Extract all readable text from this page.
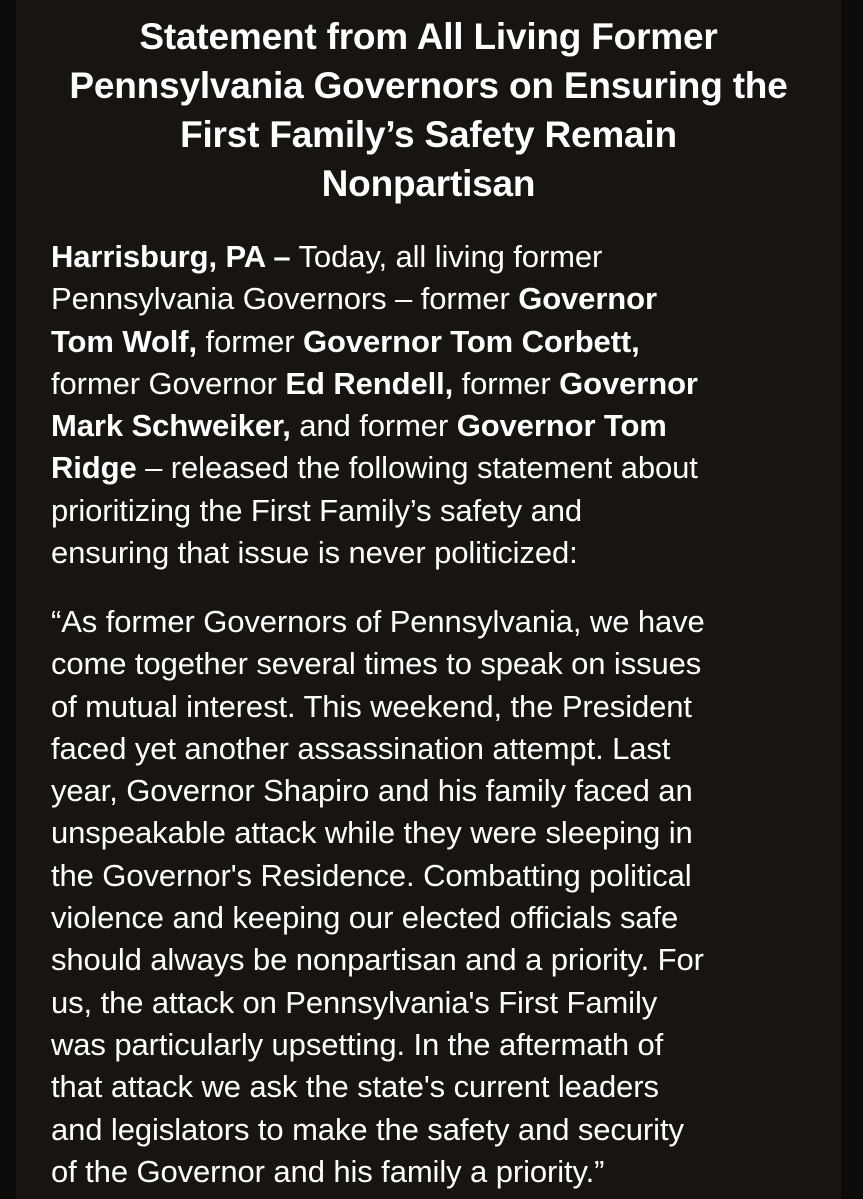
Statement from All Living Former
Pennsylvania Governors on Ensuring the
First Family’s Safety Remain
Nonpartisan

Harrisburg, PA – Today, all living former
Pennsylvania Governors – former Governor
Tom Wolf, former Governor Tom Corbett,
former Governor Ed Rendell, former Governor
Mark Schweiker, and former Governor Tom
Ridge – released the following statement about
prioritizing the First Family’s safety and
ensuring that issue is never politicized:

“As former Governors of Pennsylvania, we have
come together several times to speak on issues
of mutual interest. This weekend, the President
faced yet another assassination attempt. Last
year, Governor Shapiro and his family faced an
unspeakable attack while they were sleeping in
the Governor's Residence. Combatting political
violence and keeping our elected officials safe
should always be nonpartisan and a priority. For
us, the attack on Pennsylvania's First Family
was particularly upsetting. In the aftermath of
that attack we ask the state's current leaders
and legislators to make the safety and security
of the Governor and his family a priority.”
